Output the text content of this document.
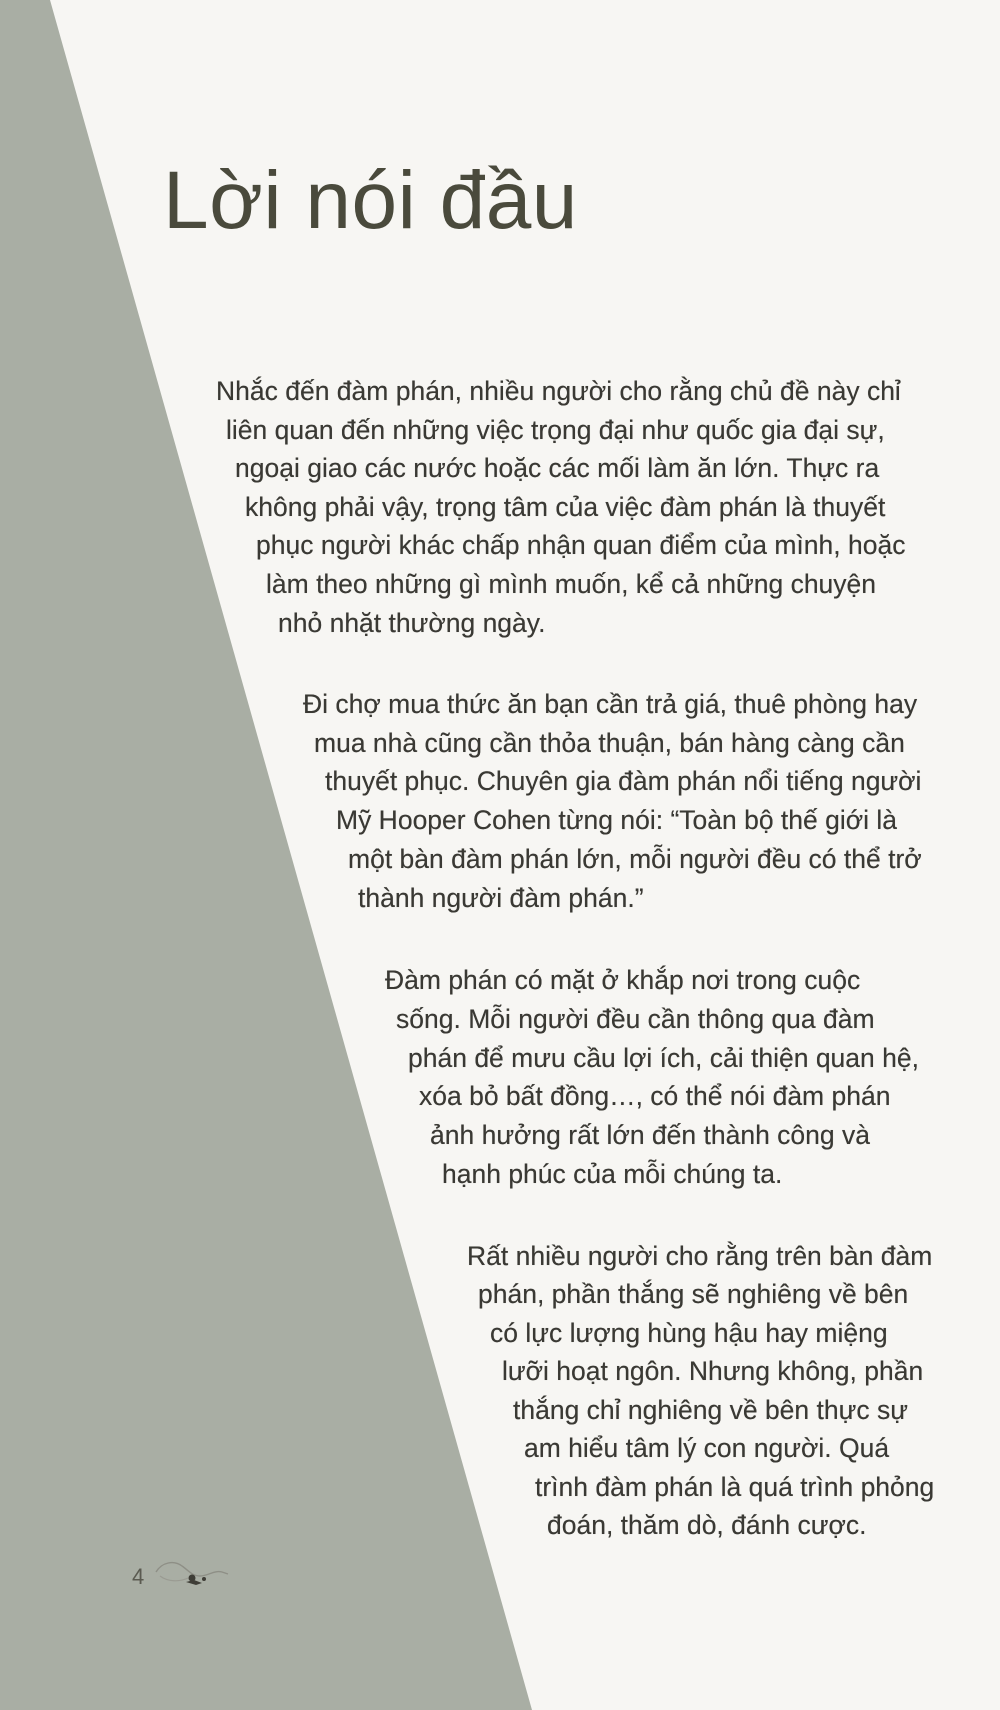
Lời nói đầu
Nhắc đến đàm phán, nhiều người cho rằng chủ đề này chỉ
liên quan đến những việc trọng đại như quốc gia đại sự,
ngoại giao các nước hoặc các mối làm ăn lớn. Thực ra
không phải vậy, trọng tâm của việc đàm phán là thuyết
phục người khác chấp nhận quan điểm của mình, hoặc
làm theo những gì mình muốn, kể cả những chuyện
nhỏ nhặt thường ngày.
Đi chợ mua thức ăn bạn cần trả giá, thuê phòng hay
mua nhà cũng cần thỏa thuận, bán hàng càng cần
thuyết phục. Chuyên gia đàm phán nổi tiếng người
Mỹ Hooper Cohen từng nói: “Toàn bộ thế giới là
một bàn đàm phán lớn, mỗi người đều có thể trở
thành người đàm phán.”
Đàm phán có mặt ở khắp nơi trong cuộc
sống. Mỗi người đều cần thông qua đàm
phán để mưu cầu lợi ích, cải thiện quan hệ,
xóa bỏ bất đồng…, có thể nói đàm phán
ảnh hưởng rất lớn đến thành công và
hạnh phúc của mỗi chúng ta.
Rất nhiều người cho rằng trên bàn đàm
phán, phần thắng sẽ nghiêng về bên
có lực lượng hùng hậu hay miệng
lưỡi hoạt ngôn. Nhưng không, phần
thắng chỉ nghiêng về bên thực sự
am hiểu tâm lý con người. Quá
trình đàm phán là quá trình phỏng
đoán, thăm dò, đánh cược.
4
